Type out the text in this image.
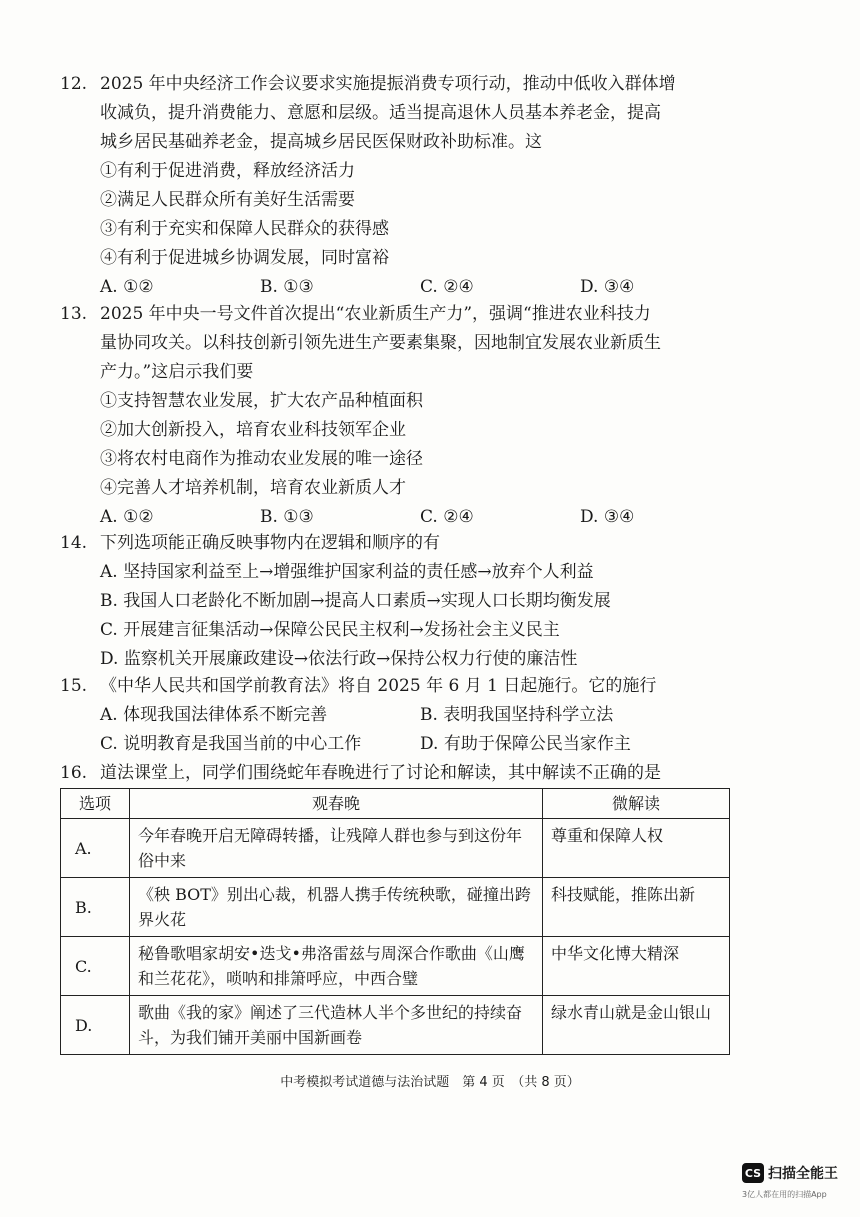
12. 2025 年中央经济工作会议要求实施提振消费专项行动，推动中低收入群体增
收减负，提升消费能力、意愿和层级。适当提高退休人员基本养老金，提高
城乡居民基础养老金，提高城乡居民医保财政补助标准。这
①有利于促进消费，释放经济活力
②满足人民群众所有美好生活需要
③有利于充实和保障人民群众的获得感
④有利于促进城乡协调发展，同时富裕
A. ①②	B. ①③	C. ②④	D. ③④
13. 2025 年中央一号文件首次提出“农业新质生产力”，强调“推进农业科技力
量协同攻关。以科技创新引领先进生产要素集聚，因地制宜发展农业新质生
产力。”这启示我们要
①支持智慧农业发展，扩大农产品种植面积
②加大创新投入，培育农业科技领军企业
③将农村电商作为推动农业发展的唯一途径
④完善人才培养机制，培育农业新质人才
A. ①②	B. ①③	C. ②④	D. ③④
14. 下列选项能正确反映事物内在逻辑和顺序的有
A. 坚持国家利益至上→增强维护国家利益的责任感→放弃个人利益
B. 我国人口老龄化不断加剧→提高人口素质→实现人口长期均衡发展
C. 开展建言征集活动→保障公民民主权利→发扬社会主义民主
D. 监察机关开展廉政建设→依法行政→保持公权力行使的廉洁性
15. 《中华人民共和国学前教育法》将自 2025 年 6 月 1 日起施行。它的施行
A. 体现我国法律体系不断完善	B. 表明我国坚持科学立法
C. 说明教育是我国当前的中心工作	D. 有助于保障公民当家作主
16. 道法课堂上，同学们围绕蛇年春晚进行了讨论和解读，其中解读不正确的是
选项	观春晚	微解读
A.	今年春晚开启无障碍转播，让残障人群也参与到这份年俗中来	尊重和保障人权
B.	《秧 BOT》别出心裁，机器人携手传统秧歌，碰撞出跨界火花	科技赋能，推陈出新
C.	秘鲁歌唱家胡安•迭戈•弗洛雷兹与周深合作歌曲《山鹰和兰花花》，唢呐和排箫呼应，中西合璧	中华文化博大精深
D.	歌曲《我的家》阐述了三代造林人半个多世纪的持续奋斗，为我们铺开美丽中国新画卷	绿水青山就是金山银山
中考模拟考试道德与法治试题　第 4 页　（共 8 页）
CS 扫描全能王
3亿人都在用的扫描App
